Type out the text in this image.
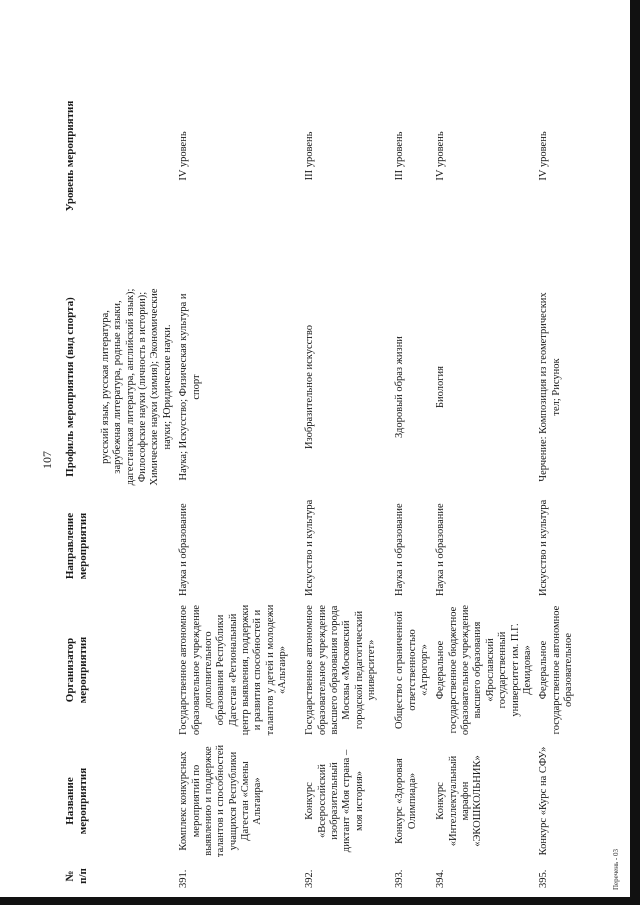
107
№ п/п	Название мероприятия	Организатор мероприятия	Направление мероприятия	Профиль мероприятия (вид спорта)	Уровень мероприятия
				русский язык, русская литература, зарубежная литература, родные языки, дагестанская литература, английский язык); Философские науки (личность в истории); Химические науки (химия); Экономические науки; Юридические науки.	
391.	Комплекс конкурсных мероприятий по выявлению и поддержке талантов и способностей учащихся Республики Дагестан «Смены Альтаира»	Государственное автономное образовательное учреждение дополнительного образования Республики Дагестан «Региональный центр выявления, поддержки и развития способностей и талантов у детей и молодежи «Альтаир»	Наука и образование	Наука; Искусство; Физическая культура и спорт	IV уровень
392.	Конкурс «Всероссийский изобразительный диктант «Моя страна – моя история»	Государственное автономное образовательное учреждение высшего образования города Москвы «Московский городской педагогический университет»	Искусство и культура	Изобразительное искусство	III уровень
393.	Конкурс «Здоровая Олимпиада»	Общество с ограниченной ответственностью «Агрогорг»	Наука и образование	Здоровый образ жизни	III уровень
394.	Конкурс «Интеллектуальный марафон «ЭКОШКОЛЬНИК»	Федеральное государственное бюджетное образовательное учреждение высшего образования «Ярославский государственный университет им. П.Г. Демидова»	Наука и образование	Биология	IV уровень
395.	Конкурс «Курс на СФУ»	Федеральное государственное автономное образовательное	Искусство и культура	Черчение: Композиция из геометрических тел; Рисунок	IV уровень
Перечень - 03
